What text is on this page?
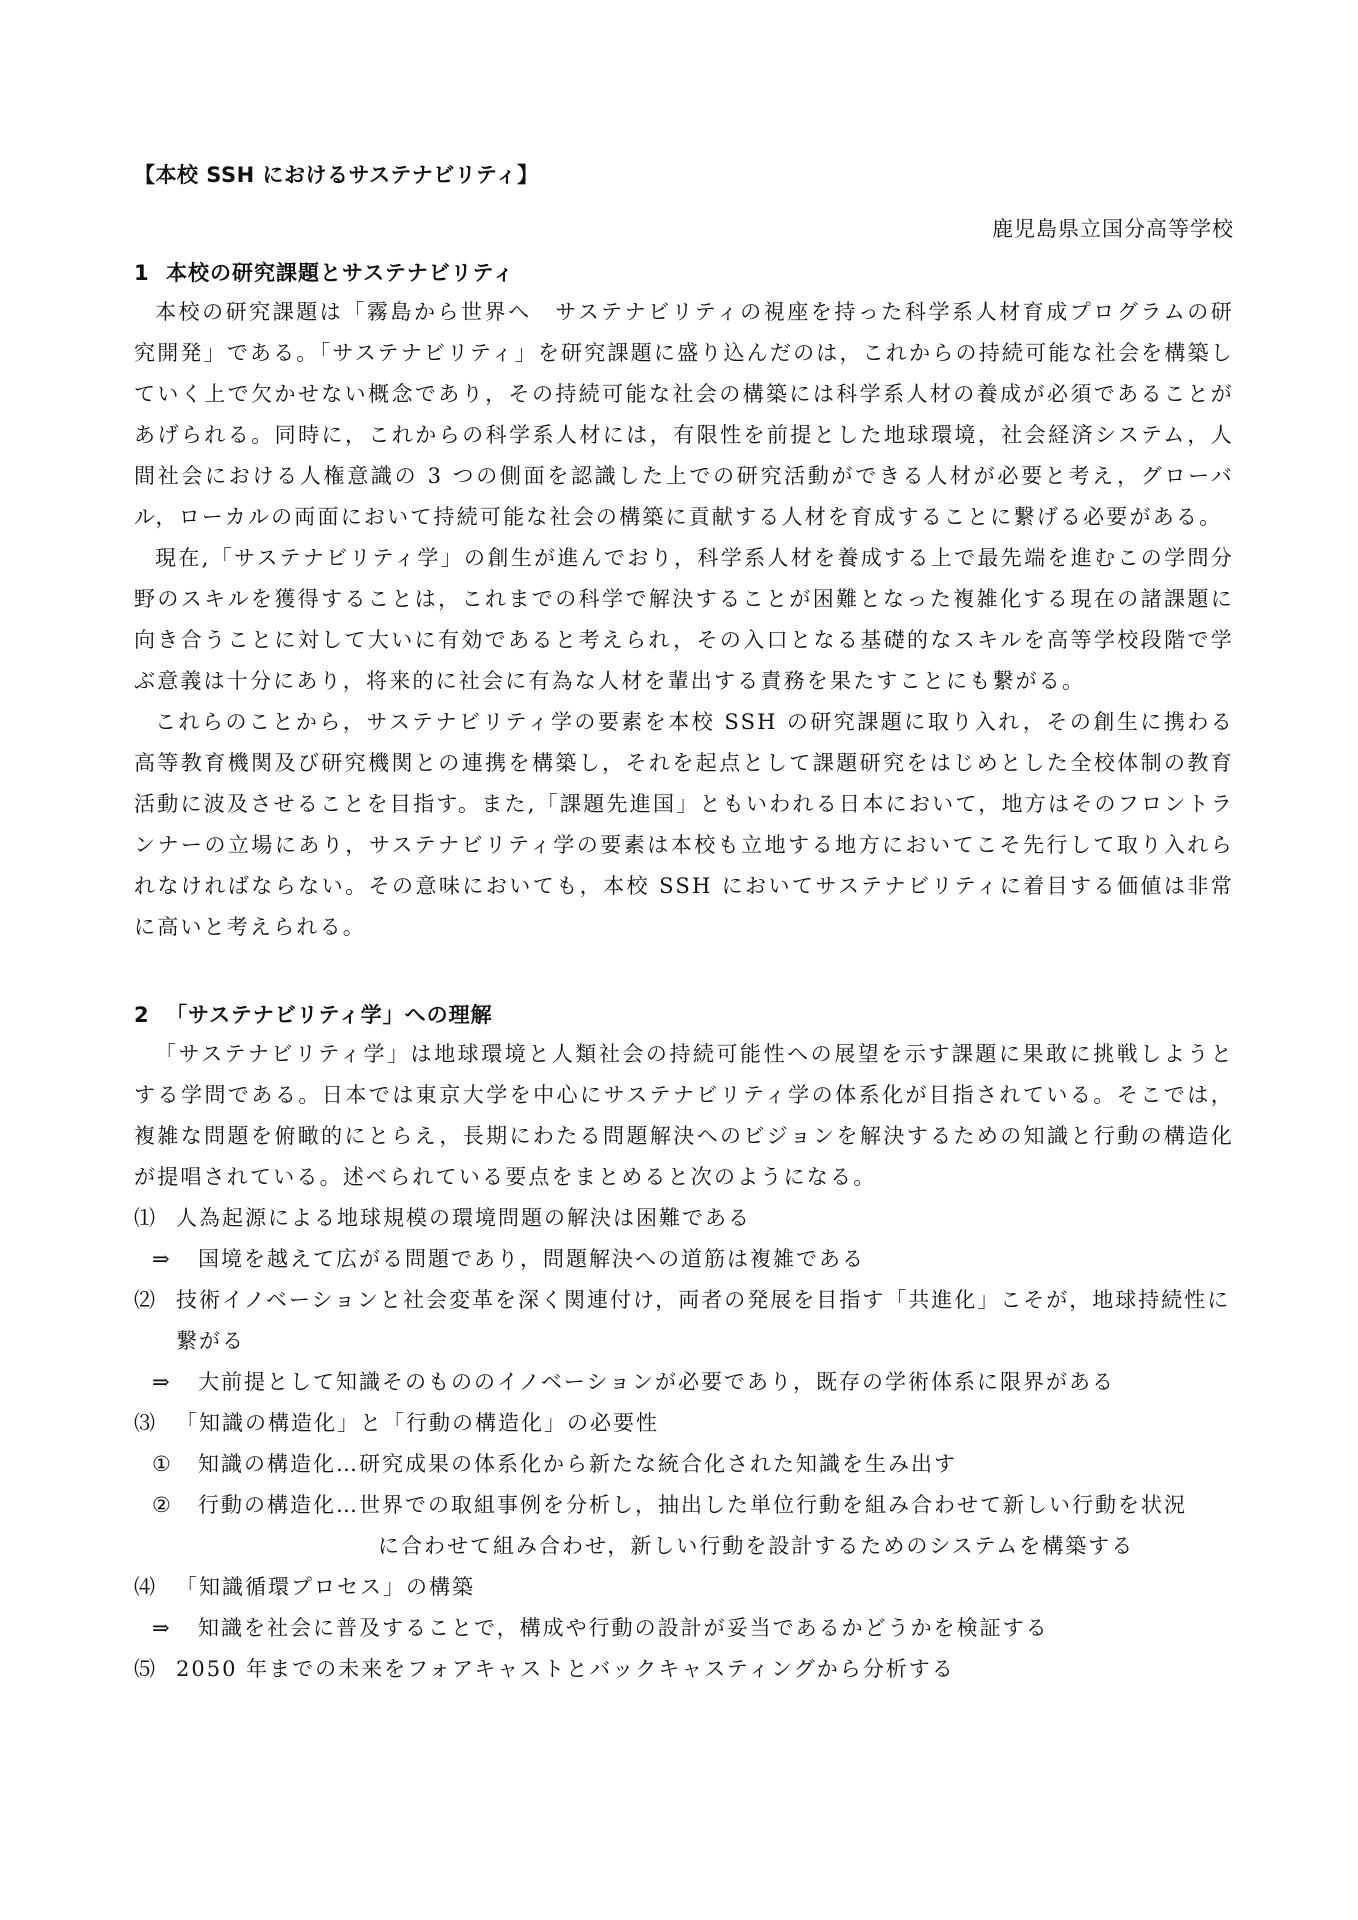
【本校 SSH におけるサステナビリティ】
鹿児島県立国分高等学校
1 本校の研究課題とサステナビリティ

本校の研究課題は「霧島から世界へ　サステナビリティの視座を持った科学系人材育成プログラムの研究開発」である。「サステナビリティ」を研究課題に盛り込んだのは，これからの持続可能な社会を構築していく上で欠かせない概念であり，その持続可能な社会の構築には科学系人材の養成が必須であることがあげられる。同時に，これからの科学系人材には，有限性を前提とした地球環境，社会経済システム，人間社会における人権意識の 3 つの側面を認識した上での研究活動ができる人材が必要と考え，グローバル，ローカルの両面において持続可能な社会の構築に貢献する人材を育成することに繋げる必要がある。

現在,「サステナビリティ学」の創生が進んでおり，科学系人材を養成する上で最先端を進むこの学問分野のスキルを獲得することは，これまでの科学で解決することが困難となった複雑化する現在の諸課題に向き合うことに対して大いに有効であると考えられ，その入口となる基礎的なスキルを高等学校段階で学ぶ意義は十分にあり，将来的に社会に有為な人材を輩出する責務を果たすことにも繋がる。

これらのことから，サステナビリティ学の要素を本校 SSH の研究課題に取り入れ，その創生に携わる高等教育機関及び研究機関との連携を構築し，それを起点として課題研究をはじめとした全校体制の教育活動に波及させることを目指す。また,「課題先進国」ともいわれる日本において，地方はそのフロントランナーの立場にあり，サステナビリティ学の要素は本校も立地する地方においてこそ先行して取り入れられなければならない。その意味においても，本校 SSH においてサステナビリティに着目する価値は非常に高いと考えられる。

2 「サステナビリティ学」への理解

「サステナビリティ学」は地球環境と人類社会の持続可能性への展望を示す課題に果敢に挑戦しようとする学問である。日本では東京大学を中心にサステナビリティ学の体系化が目指されている。そこでは，複雑な問題を俯瞰的にとらえ，長期にわたる問題解決へのビジョンを解決するための知識と行動の構造化が提唱されている。述べられている要点をまとめると次のようになる。

⑴ 人為起源による地球規模の環境問題の解決は困難である
⇒	国境を越えて広がる問題であり，問題解決への道筋は複雑である
⑵ 技術イノベーションと社会変革を深く関連付け，両者の発展を目指す「共進化」こそが，地球持続性に繋がる
⇒	大前提として知識そのもののイノベーションが必要であり，既存の学術体系に限界がある
⑶ 「知識の構造化」と「行動の構造化」の必要性
①	知識の構造化…研究成果の体系化から新たな統合化された知識を生み出す
②	行動の構造化…世界での取組事例を分析し，抽出した単位行動を組み合わせて新しい行動を状況
に合わせて組み合わせ，新しい行動を設計するためのシステムを構築する
⑷ 「知識循環プロセス」の構築
⇒	知識を社会に普及することで，構成や行動の設計が妥当であるかどうかを検証する
⑸ 2050 年までの未来をフォアキャストとバックキャスティングから分析する
